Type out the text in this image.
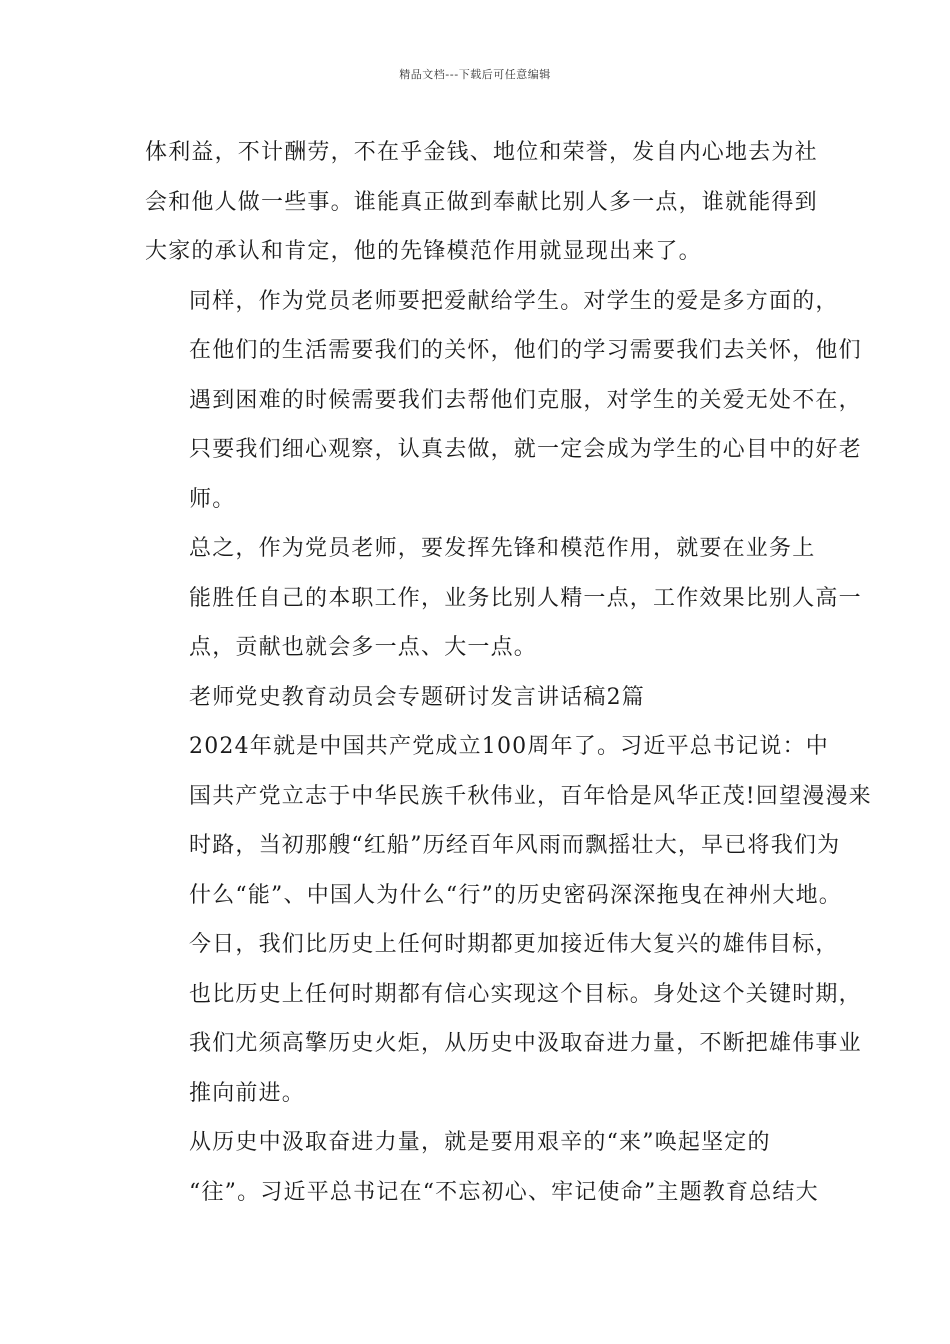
精品文档---下载后可任意编辑

体利益，不计酬劳，不在乎金钱、地位和荣誉，发自内心地去为社
会和他人做一些事。谁能真正做到奉献比别人多一点，谁就能得到
大家的承认和肯定，他的先锋模范作用就显现出来了。

同样，作为党员老师要把爱献给学生。对学生的爱是多方面的，
在他们的生活需要我们的关怀，他们的学习需要我们去关怀，他们
遇到困难的时候需要我们去帮他们克服，对学生的关爱无处不在，
只要我们细心观察，认真去做，就一定会成为学生的心目中的好老
师。

总之，作为党员老师，要发挥先锋和模范作用，就要在业务上
能胜任自己的本职工作，业务比别人精一点，工作效果比别人高一
点，贡献也就会多一点、大一点。

老师党史教育动员会专题研讨发言讲话稿2篇

2024年就是中国共产党成立100周年了。习近平总书记说：中
国共产党立志于中华民族千秋伟业，百年恰是风华正茂!回望漫漫来
时路，当初那艘“红船”历经百年风雨而飘摇壮大，早已将我们为
什么“能”、中国人为什么“行”的历史密码深深拖曳在神州大地。

今日，我们比历史上任何时期都更加接近伟大复兴的雄伟目标，
也比历史上任何时期都有信心实现这个目标。身处这个关键时期，
我们尤须高擎历史火炬，从历史中汲取奋进力量，不断把雄伟事业
推向前进。

从历史中汲取奋进力量，就是要用艰辛的“来”唤起坚定的
“往”。习近平总书记在“不忘初心、牢记使命”主题教育总结大
